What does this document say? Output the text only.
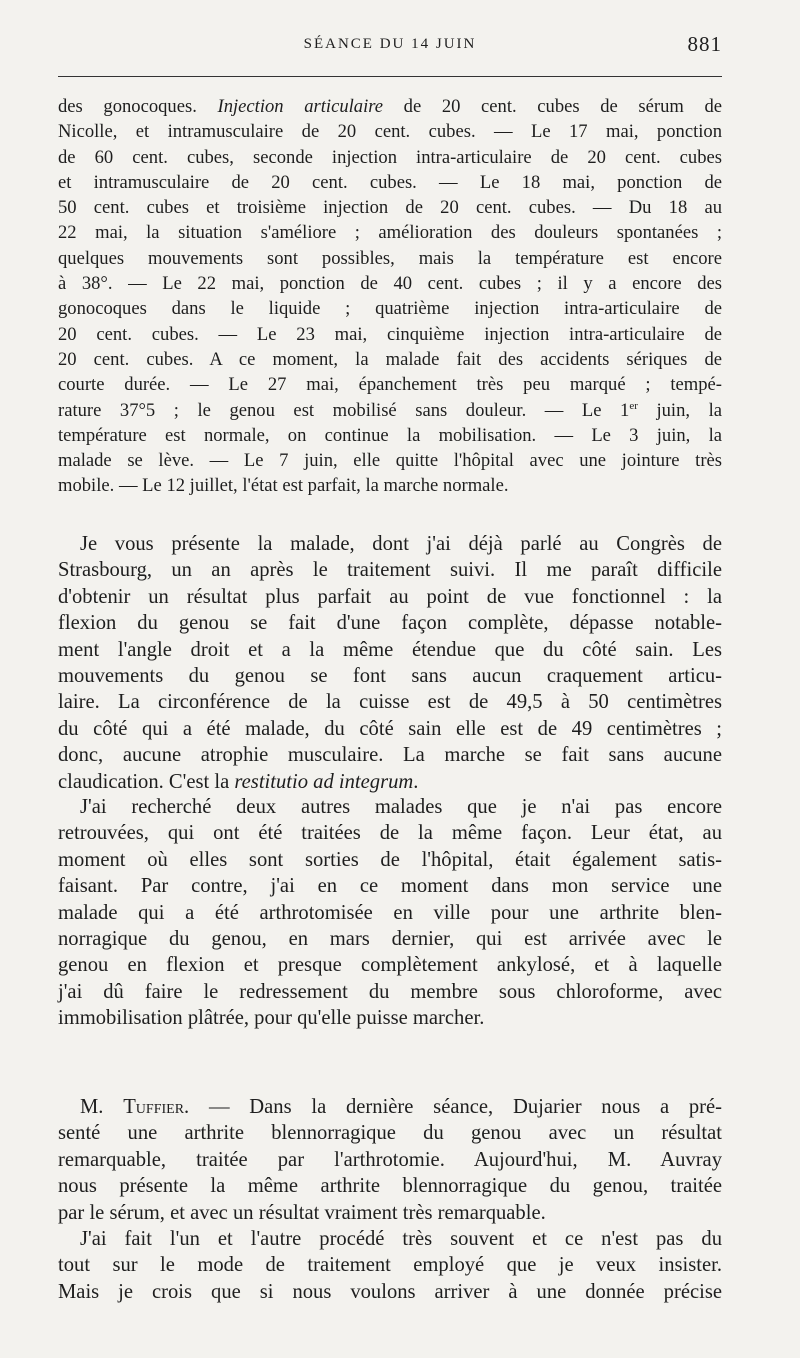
SÉANCE DU 14 JUIN	881
des gonocoques. Injection articulaire de 20 cent. cubes de sérum de
Nicolle, et intramusculaire de 20 cent. cubes. — Le 17 mai, ponction
de 60 cent. cubes, seconde injection intra-articulaire de 20 cent. cubes
et intramusculaire de 20 cent. cubes. — Le 18 mai, ponction de
50 cent. cubes et troisième injection de 20 cent. cubes. — Du 18 au
22 mai, la situation s'améliore ; amélioration des douleurs spontanées ;
quelques mouvements sont possibles, mais la température est encore
à 38°. — Le 22 mai, ponction de 40 cent. cubes ; il y a encore des
gonocoques dans le liquide ; quatrième injection intra-articulaire de
20 cent. cubes. — Le 23 mai, cinquième injection intra-articulaire de
20 cent. cubes. A ce moment, la malade fait des accidents sériques de
courte durée. — Le 27 mai, épanchement très peu marqué ; tempé-
rature 37°5 ; le genou est mobilisé sans douleur. — Le 1er juin, la
température est normale, on continue la mobilisation. — Le 3 juin, la
malade se lève. — Le 7 juin, elle quitte l'hôpital avec une jointure très
mobile. — Le 12 juillet, l'état est parfait, la marche normale.
Je vous présente la malade, dont j'ai déjà parlé au Congrès de
Strasbourg, un an après le traitement suivi. Il me paraît difficile
d'obtenir un résultat plus parfait au point de vue fonctionnel : la
flexion du genou se fait d'une façon complète, dépasse notable-
ment l'angle droit et a la même étendue que du côté sain. Les
mouvements du genou se font sans aucun craquement articu-
laire. La circonférence de la cuisse est de 49,5 à 50 centimètres
du côté qui a été malade, du côté sain elle est de 49 centimètres ;
donc, aucune atrophie musculaire. La marche se fait sans aucune
claudication. C'est la restitutio ad integrum.
J'ai recherché deux autres malades que je n'ai pas encore
retrouvées, qui ont été traitées de la même façon. Leur état, au
moment où elles sont sorties de l'hôpital, était également satis-
faisant. Par contre, j'ai en ce moment dans mon service une
malade qui a été arthrotomisée en ville pour une arthrite blen-
norragique du genou, en mars dernier, qui est arrivée avec le
genou en flexion et presque complètement ankylosé, et à laquelle
j'ai dû faire le redressement du membre sous chloroforme, avec
immobilisation plâtrée, pour qu'elle puisse marcher.
M. Tuffier. — Dans la dernière séance, Dujarier nous a pré-
senté une arthrite blennorragique du genou avec un résultat
remarquable, traitée par l'arthrotomie. Aujourd'hui, M. Auvray
nous présente la même arthrite blennorragique du genou, traitée
par le sérum, et avec un résultat vraiment très remarquable.
J'ai fait l'un et l'autre procédé très souvent et ce n'est pas du
tout sur le mode de traitement employé que je veux insister.
Mais je crois que si nous voulons arriver à une donnée précise
